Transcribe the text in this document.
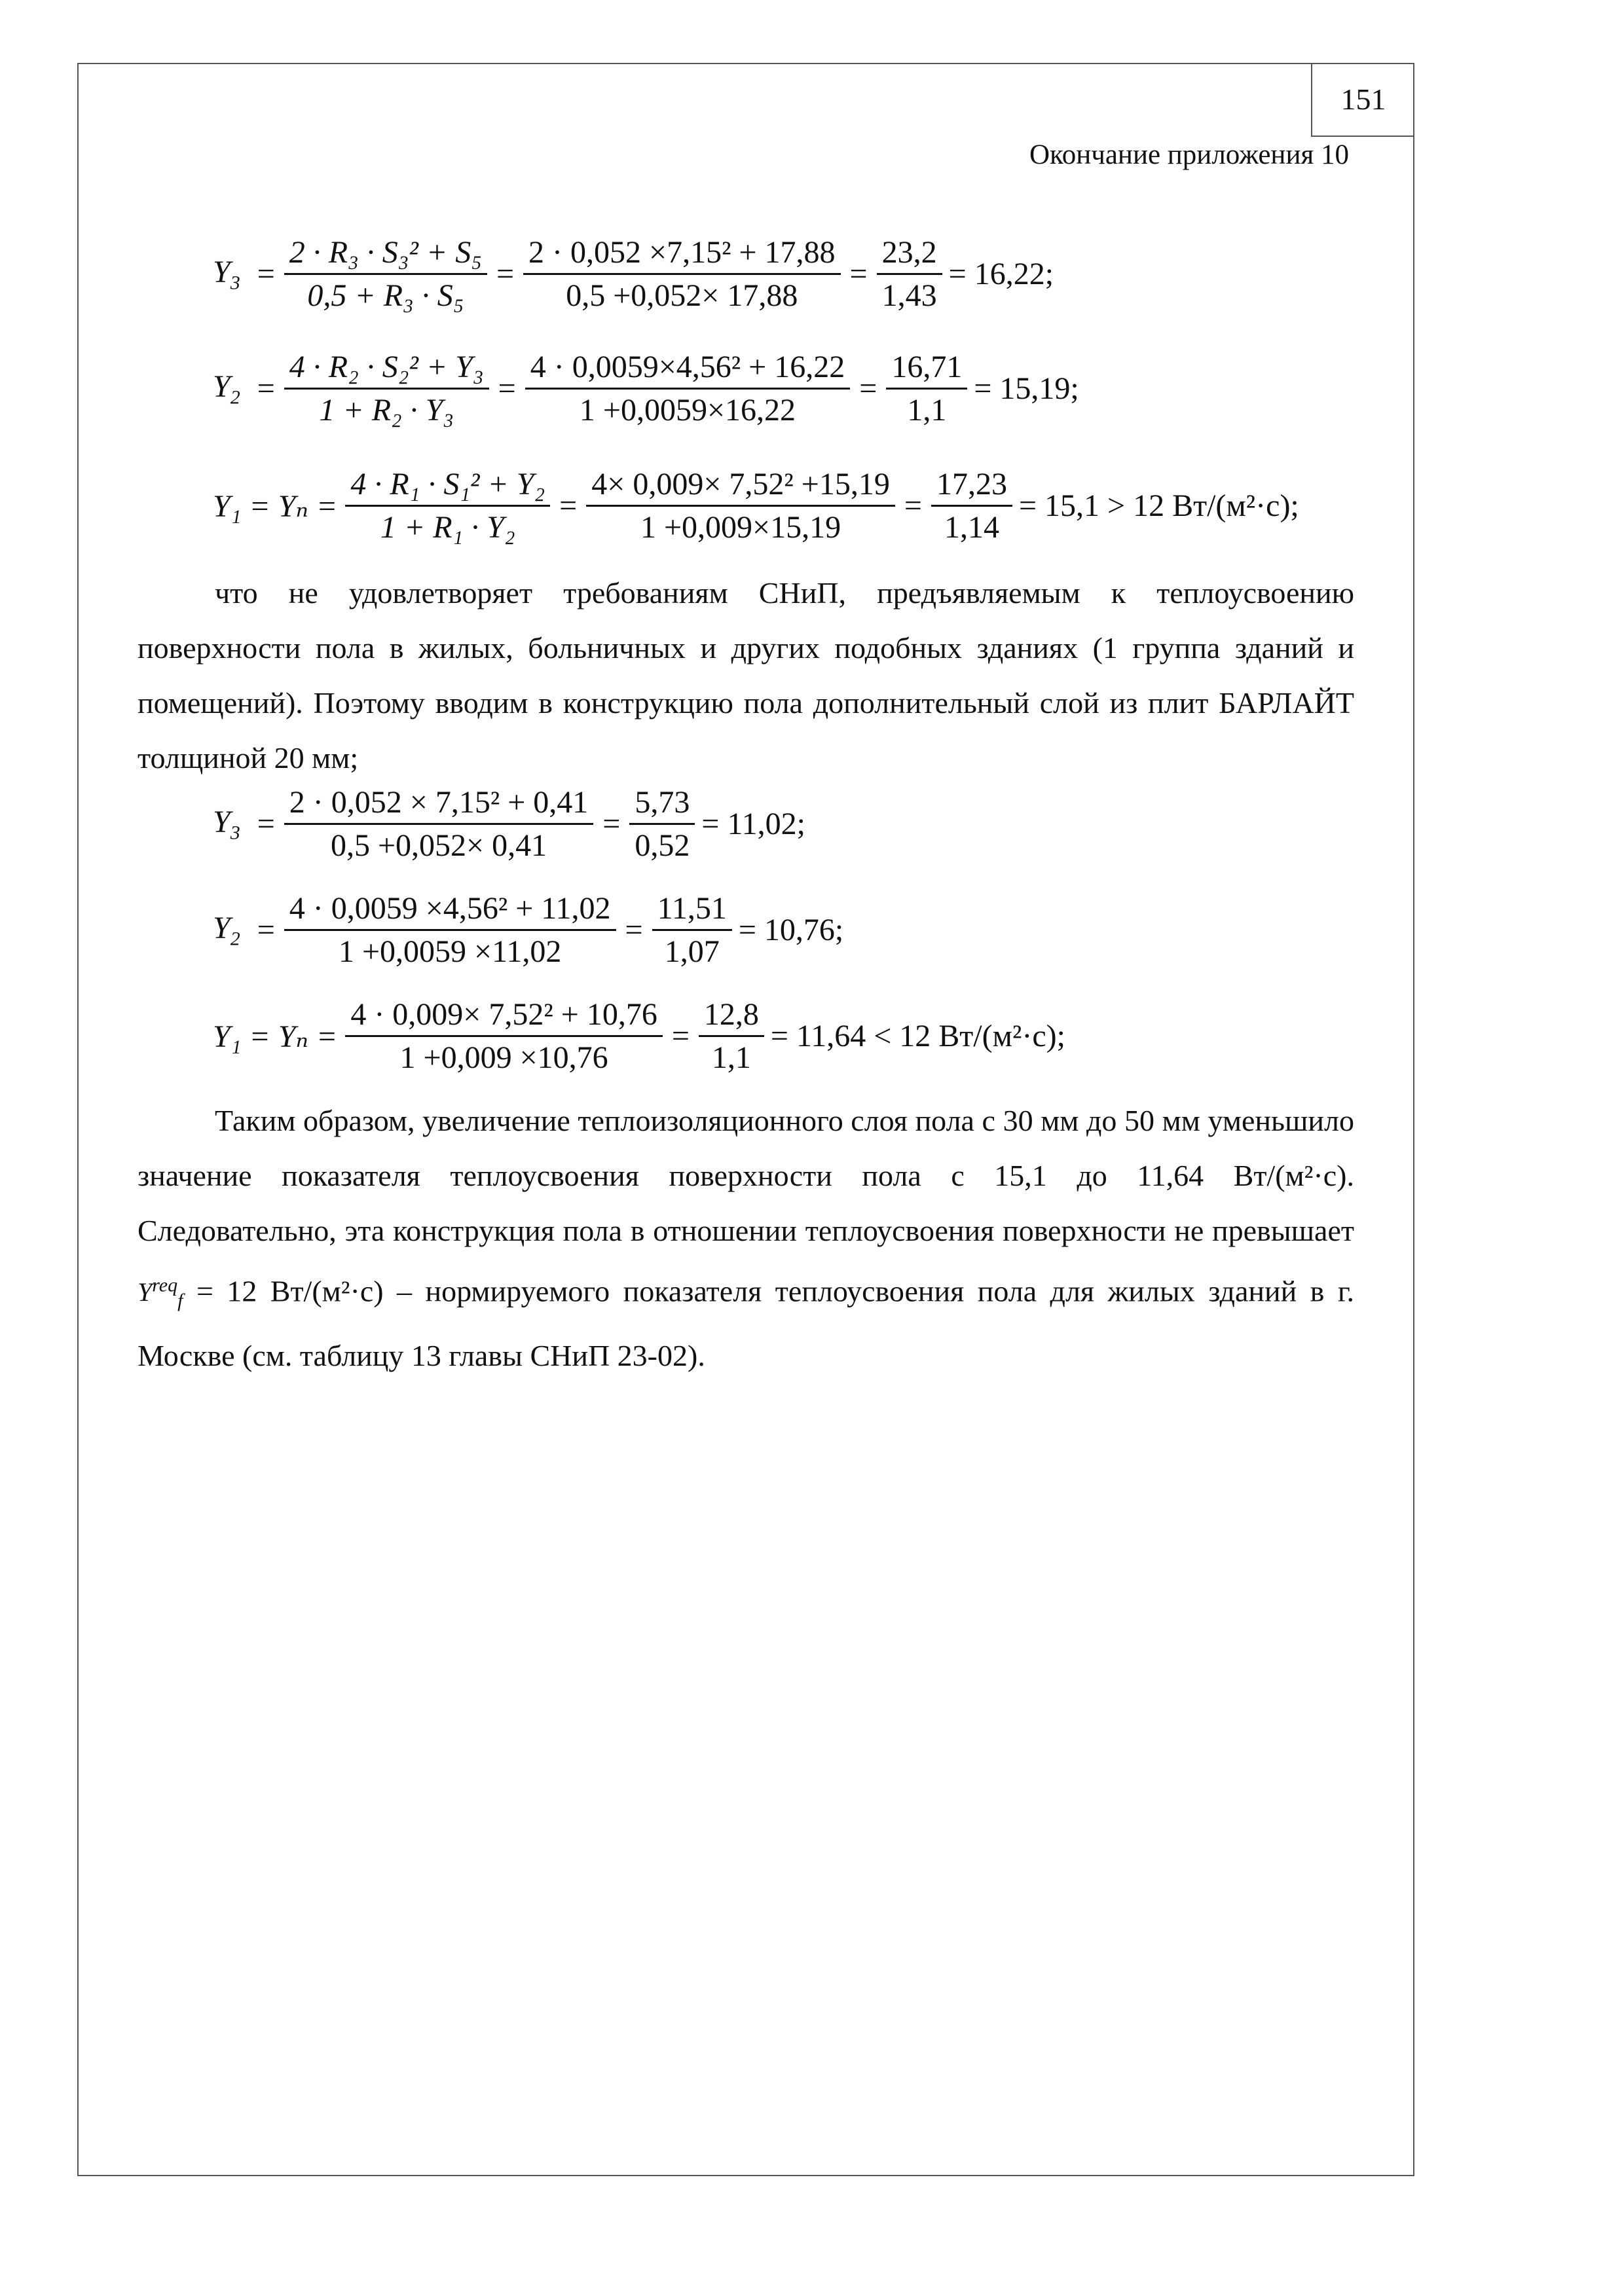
151
Окончание приложения 10
$Y_3 = \frac{\text{2 · R₃ · S₃² + S₅}}{\text{0,5 + R₃ · S₅}} = \frac{\text{2 · 0,052 ×7,15² + 17,88}}{0,5 +0,052\times 17,88} = \frac{23,2}{1,43} = 16,22$;
$Y_2 = \frac{\text{4 · R₂ · S₂² + Y₃}}{\text{1 + R₂ · Y₃}} = \frac{\text{4 · 0,0059×4,56² + 16,22}}{1 +0,0059\times 16,22} = \frac{16,71}{1,1} = 15,19$;
$Y_1 = Y_n = \frac{\text{4 · R₁ · S₁² + Y₂}}{\text{1 + R₁ · Y₂}} = \frac{\text{4× 0,009× 7,52² +15,19}}{1 +0,009\times 15,19} = \frac{17,23}{1,14} = 15,1 > 12$ Вт/(м²·с);

что не удовлетворяет требованиям СНиП, предъявляемым к теплоусвоению поверхности пола в жилых, больничных и других подобных зданиях (1 группа зданий и помещений). Поэтому вводим в конструкцию пола дополнительный слой из плит БАРЛАЙТ толщиной 20 мм;

$Y_3 = \frac{\text{2 · 0,052 × 7,15² + 0,41}}{0,5 +0,052\times 0,41} = \frac{5,73}{0,52} = 11,02$;
$Y_2 = \frac{\text{4 · 0,0059 ×4,56² + 11,02}}{1 +0,0059 \times 11,02} = \frac{11,51}{1,07} = 10,76$;
$Y_1 = Y_n = \frac{\text{4 · 0,009× 7,52² + 10,76}}{1 +0,009 \times 10,76} = \frac{12,8}{1,1} = 11,64 < 12$ Вт/(м²·с);

Таким образом, увеличение теплоизоляционного слоя пола с 30 мм до 50 мм уменьшило значение показателя теплоусвоения поверхности пола с 15,1 до 11,64 Вт/(м²·с). Следовательно, эта конструкция пола в отношении теплоусвоения поверхности не превышает $Y^{req}_f = 12$ Вт/(м²·с) – нормируемого показателя теплоусвоения пола для жилых зданий в г. Москве (см. таблицу 13 главы СНиП 23-02).
